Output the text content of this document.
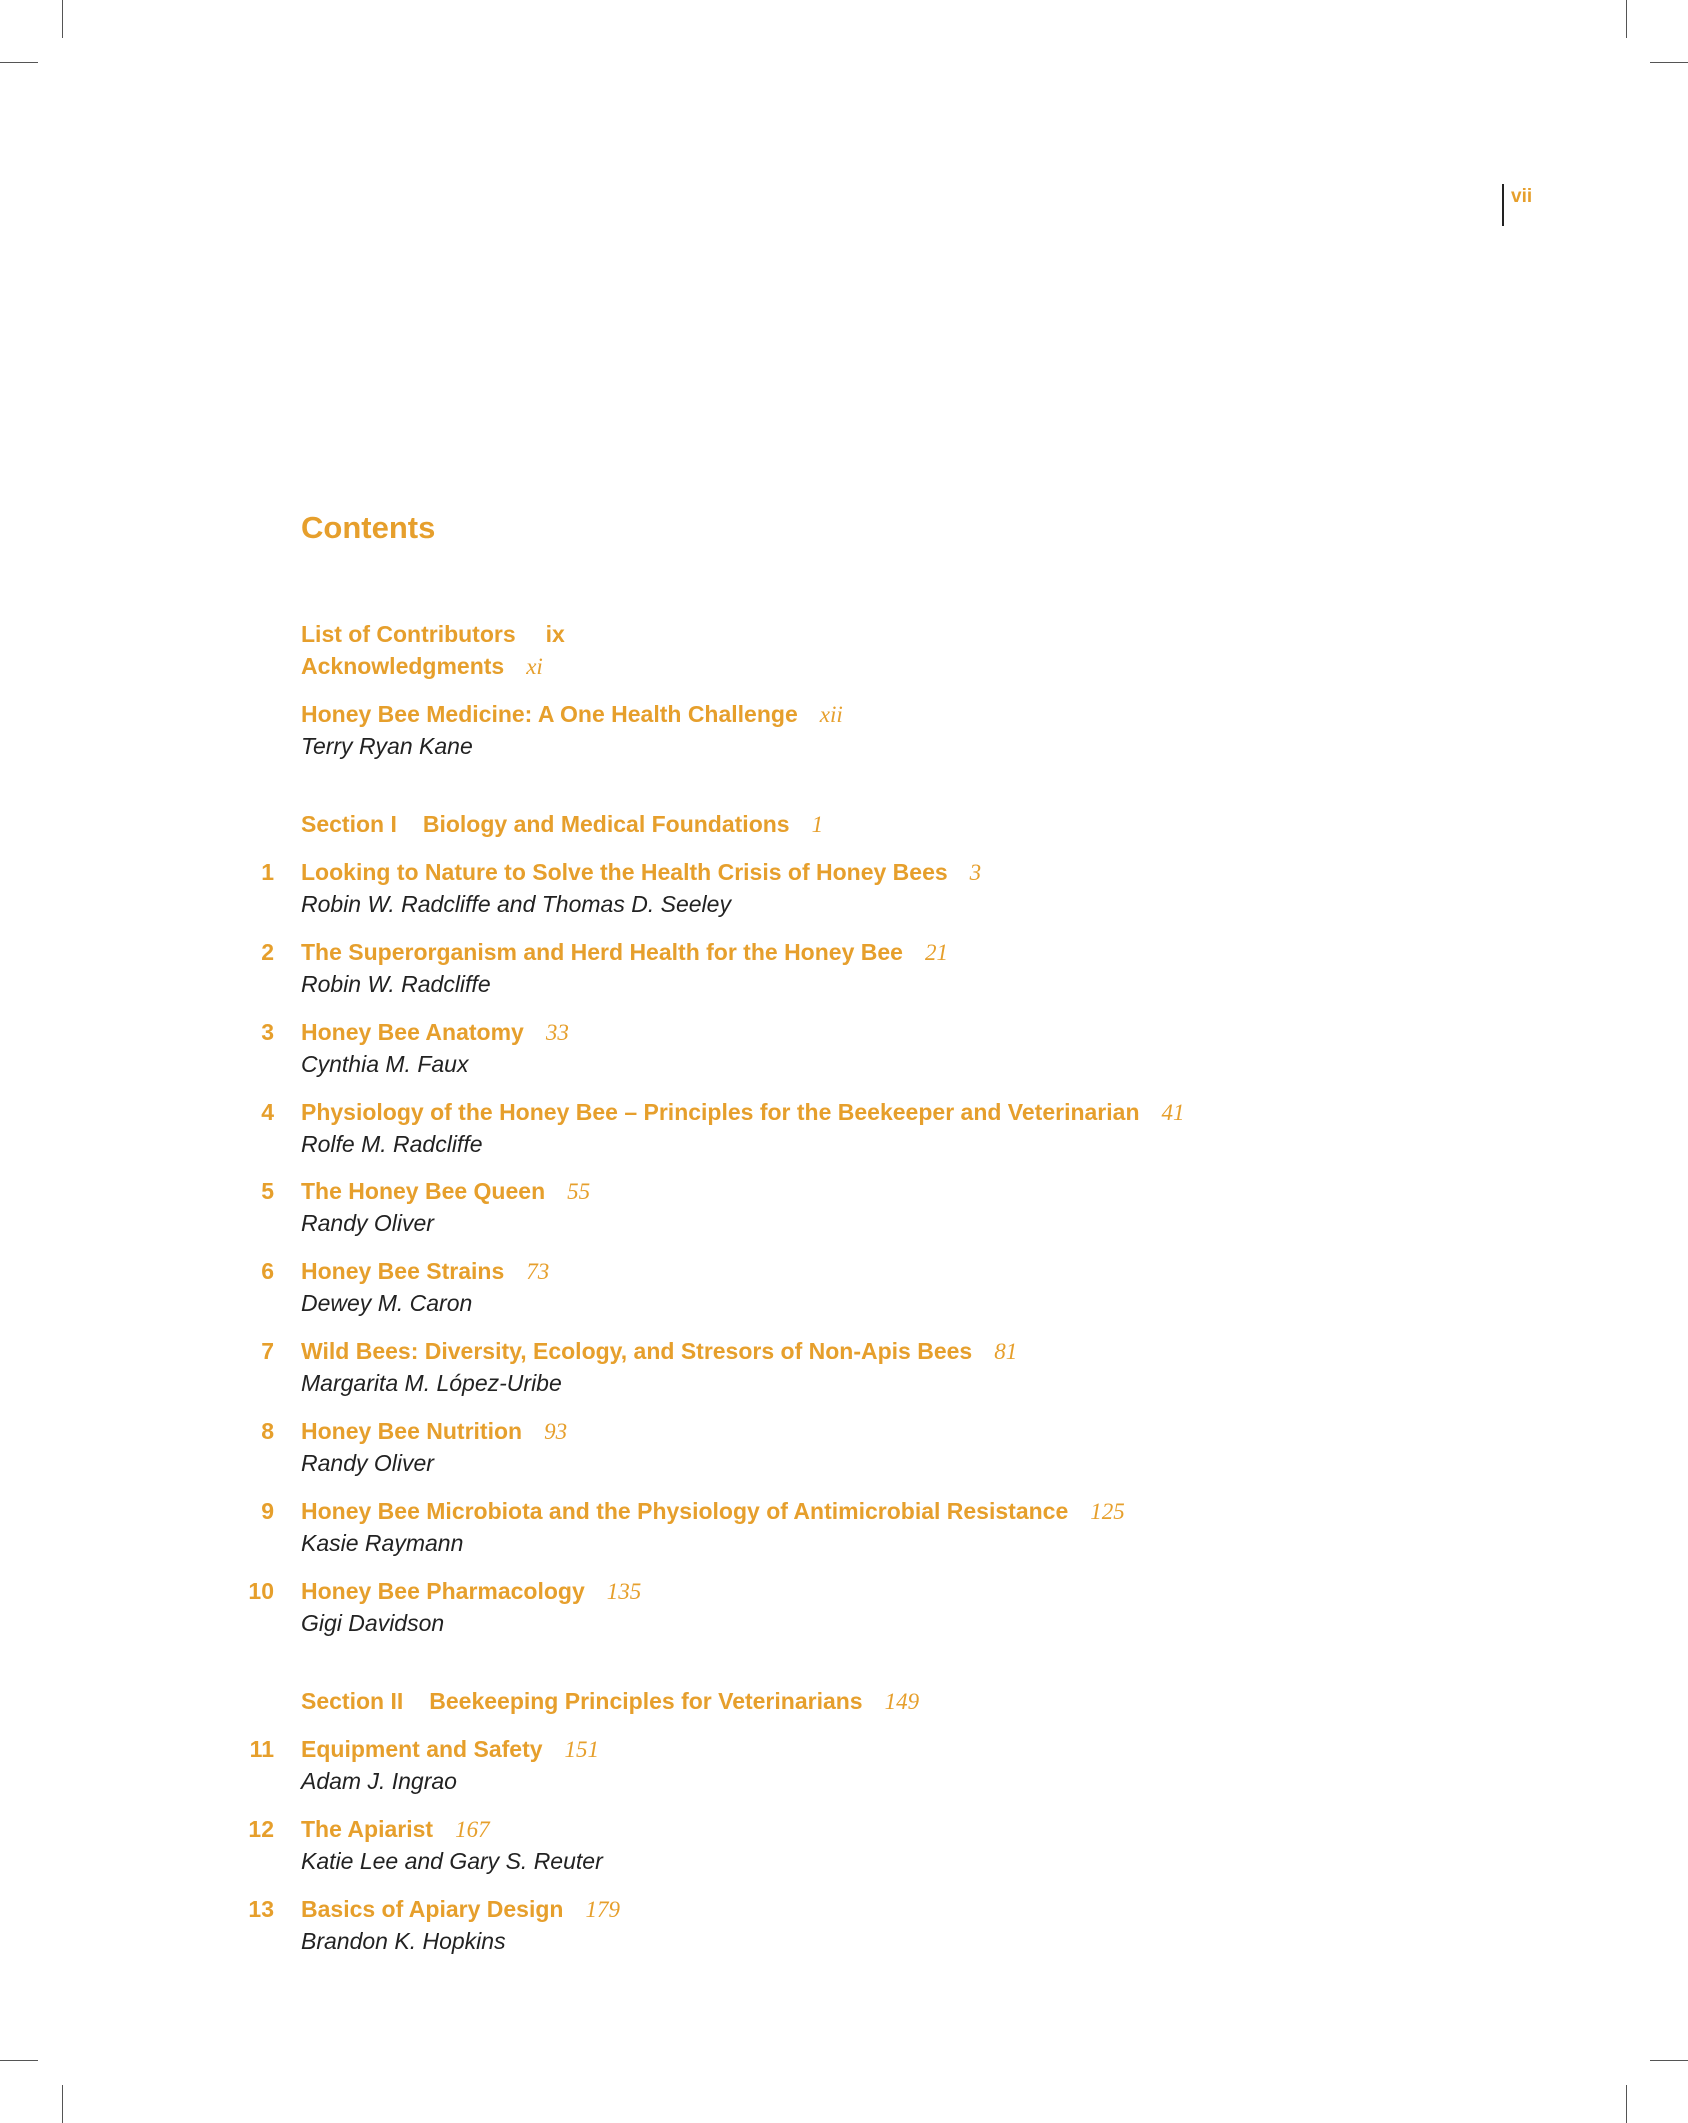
vii
Contents
List of Contributors ix
Acknowledgments xi
Honey Bee Medicine: A One Health Challenge xii
Terry Ryan Kane
Section I Biology and Medical Foundations 1
1 Looking to Nature to Solve the Health Crisis of Honey Bees 3
Robin W. Radcliffe and Thomas D. Seeley
2 The Superorganism and Herd Health for the Honey Bee 21
Robin W. Radcliffe
3 Honey Bee Anatomy 33
Cynthia M. Faux
4 Physiology of the Honey Bee – Principles for the Beekeeper and Veterinarian 41
Rolfe M. Radcliffe
5 The Honey Bee Queen 55
Randy Oliver
6 Honey Bee Strains 73
Dewey M. Caron
7 Wild Bees: Diversity, Ecology, and Stresors of Non-Apis Bees 81
Margarita M. López-Uribe
8 Honey Bee Nutrition 93
Randy Oliver
9 Honey Bee Microbiota and the Physiology of Antimicrobial Resistance 125
Kasie Raymann
10 Honey Bee Pharmacology 135
Gigi Davidson
Section II Beekeeping Principles for Veterinarians 149
11 Equipment and Safety 151
Adam J. Ingrao
12 The Apiarist 167
Katie Lee and Gary S. Reuter
13 Basics of Apiary Design 179
Brandon K. Hopkins
